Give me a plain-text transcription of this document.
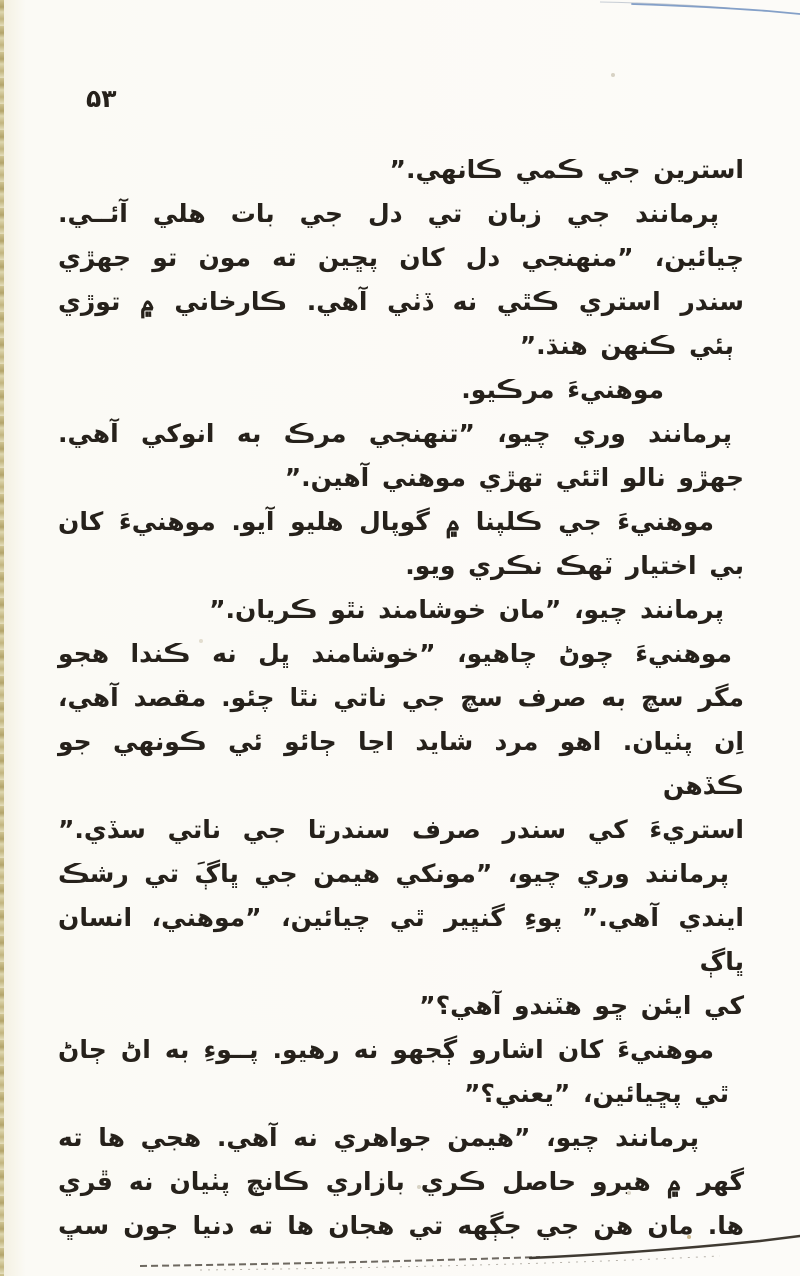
۵۳
استرين جي ڪمي ڪانهي.”
پرمانند جي زبان تي دل جي بات هلي آئــي.
چيائين، ”منهنجي دل کان پڇين ته مون تو جهڙي
سندر استري ڪٿي نه ڏٺي آهي. ڪارخاني ۾ توڙي
ٻئي ڪنهن هنڌ.”
موهنيءَ مرڪيو.
پرمانند وري چيو، ”تنهنجي مرڪ به انوکي آهي.
جهڙو نالو اٿئي تهڙي موهني آهين.”
موهنيءَ جي ڪلپنا ۾ گوپال هليو آيو. موهنيءَ کان
بي اختيار ٽهڪ نڪري ويو.
پرمانند چيو، ”مان خوشامند نٿو ڪريان.”
موهنيءَ چوڻ چاهيو، ”خوشامند ڀل نه ڪندا هجو
مگر سچ به صرف سچ جي ناتي نٿا چئو. مقصد آهي،
اِن پٺيان. اهو مرد شايد اڃا ڄائو ئي ڪونهي جو ڪڏهن
استريءَ کي سندر صرف سندرتا جي ناتي سڏي.”
پرمانند وري چيو، ”مونکي هيمن جي ڀاڳَ تي رشڪ
ايندي آهي.” پوءِ گنڀير ٿي چيائين، ”موهني، انسان ڀاڳ
کي ايئن ڇو هٽندو آهي؟”
موهنيءَ کان اشارو ڳجهو نه رهيو. پــوءِ به اڻ ڄاڻ
ٿي پڇيائين، ”يعني؟”
پرمانند چيو، ”هيمن جواهري نه آهي. هجي ها ته
گهر ۾ هيرو حاصل ڪري بازاري ڪانچ پٺيان نه ڦري
ها. مان هن جي جڳهه تي هجان ها ته دنيا جون سڀ
